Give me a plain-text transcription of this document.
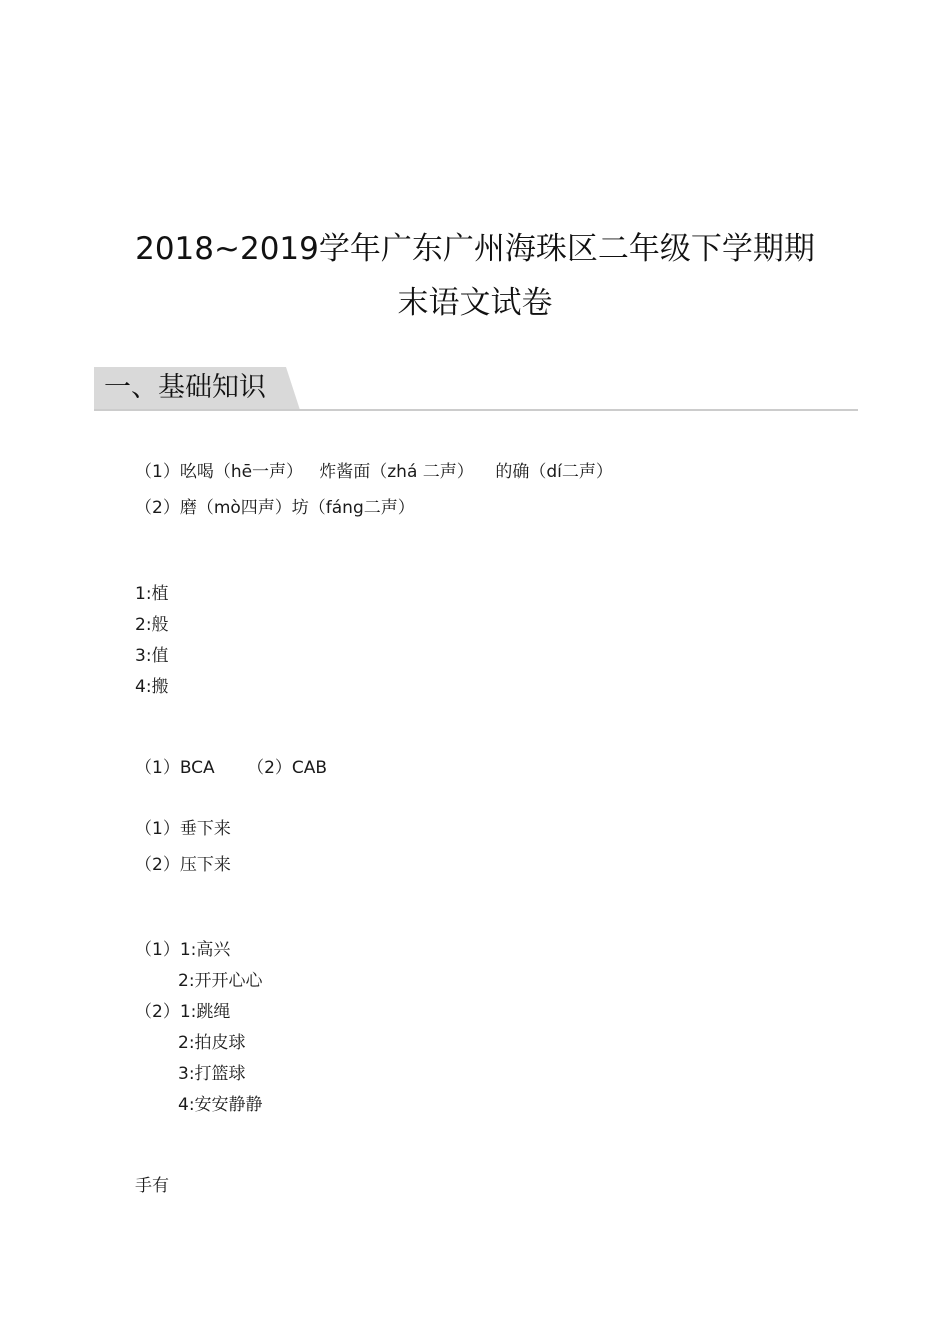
2018~2019学年广东广州海珠区二年级下学期期
末语文试卷
一、基础知识
（1）吆喝（hē一声）   炸酱面（zhá 二声）    的确（dí二声）
（2）磨（mò四声）坊（fáng二声）
1:植
2:般
3:值
4:搬
（1）BCA      （2）CAB
（1）垂下来
（2）压下来
（1）1:高兴
2:开开心心
（2）1:跳绳
2:拍皮球
3:打篮球
4:安安静静
手有
